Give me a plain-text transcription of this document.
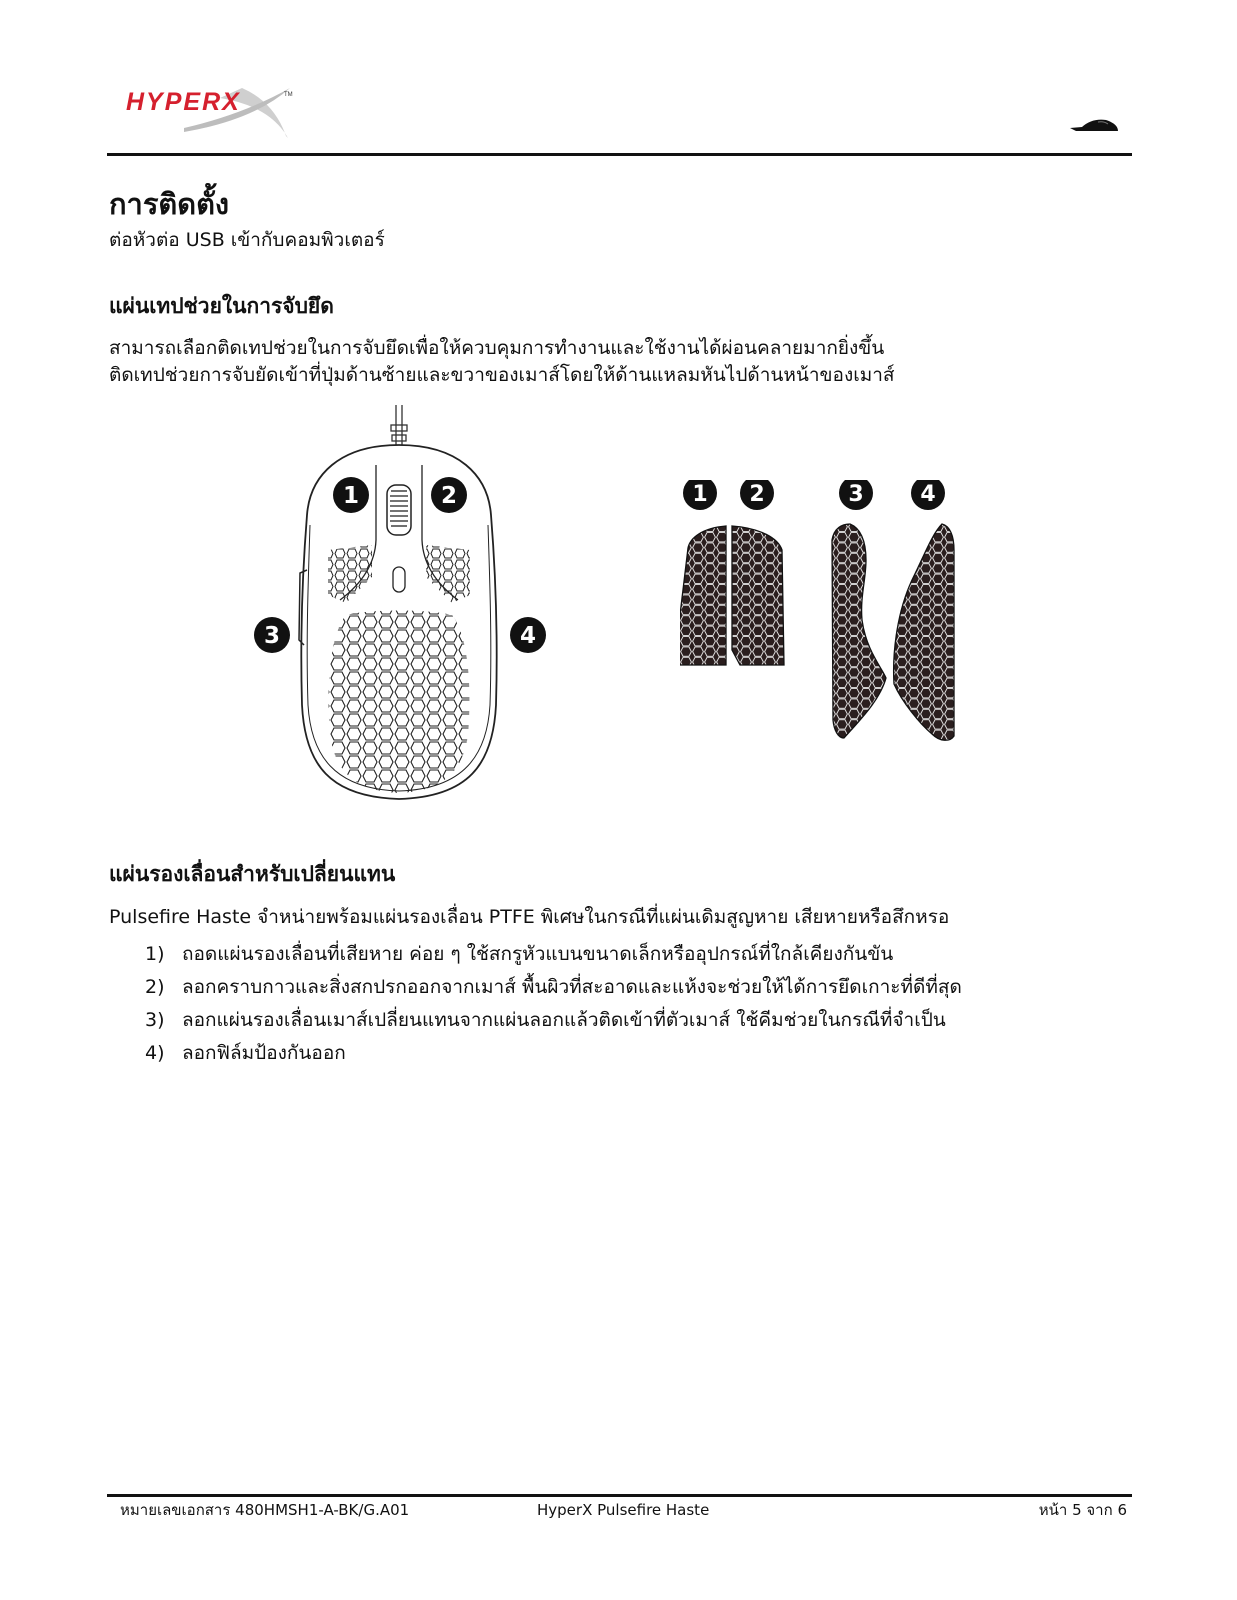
HYPERX	TM
การติดตั้ง
ต่อหัวต่อ USB เข้ากับคอมพิวเตอร์
แผ่นเทปช่วยในการจับยึด

สามารถเลือกติดเทปช่วยในการจับยึดเพื่อให้ควบคุมการทำงานและใช้งานได้ผ่อนคลายมากยิ่งขึ้น

ติดเทปช่วยการจับยัดเข้าที่ปุ่มด้านซ้ายและขวาของเมาส์โดยให้ด้านแหลมหันไปด้านหน้าของเมาส์

1	2
3	4
1 2	3	4
แผ่นรองเลื่อนสำหรับเปลี่ยนแทน
Pulsefire Haste จำหน่ายพร้อมแผ่นรองเลื่อน PTFE พิเศษในกรณีที่แผ่นเดิมสูญหาย เสียหายหรือสึกหรอ
1) ถอดแผ่นรองเลื่อนที่เสียหาย ค่อย ๆ ใช้สกรูหัวแบนขนาดเล็กหรืออุปกรณ์ที่ใกล้เคียงกันขัน
2) ลอกคราบกาวและสิ่งสกปรกออกจากเมาส์ พื้นผิวที่สะอาดและแห้งจะช่วยให้ได้การยึดเกาะที่ดีที่สุด
3) ลอกแผ่นรองเลื่อนเมาส์เปลี่ยนแทนจากแผ่นลอกแล้วติดเข้าที่ตัวเมาส์ ใช้คีมช่วยในกรณีที่จำเป็น
4) ลอกฟิล์มป้องกันออก
หมายเลขเอกสาร 480HMSH1-A-BK/G.A01	HyperX Pulsefire Haste	หน้า 5 จาก 6
